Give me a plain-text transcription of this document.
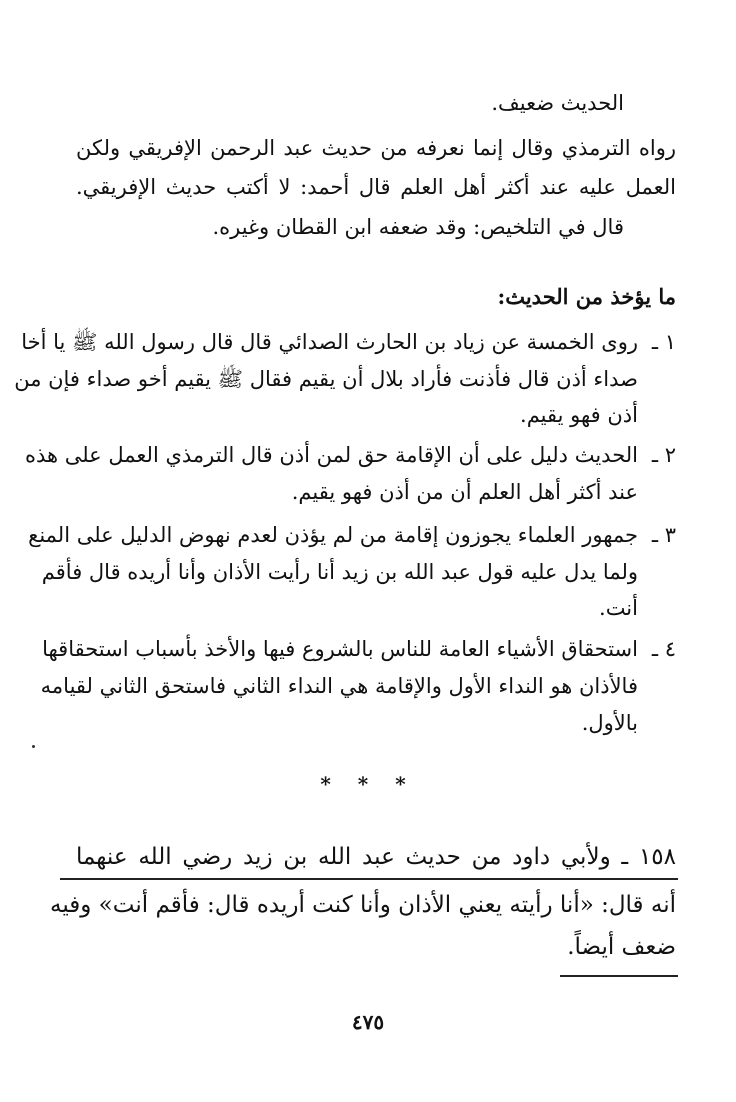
الحديث ضعيف.
رواه الترمذي وقال إنما نعرفه من حديث عبد الرحمن الإفريقي ولكن
العمل عليه عند أكثر أهل العلم قال أحمد: لا أكتب حديث الإفريقي.
قال في التلخيص: وقد ضعفه ابن القطان وغيره.
ما يؤخذ من الحديث:
١ ـ
روى الخمسة عن زياد بن الحارث الصدائي قال قال رسول الله ﷺ يا أخا
صداء أذن قال فأذنت فأراد بلال أن يقيم فقال ﷺ يقيم أخو صداء فإن من
أذن فهو يقيم.
٢ ـ
الحديث دليل على أن الإقامة حق لمن أذن قال الترمذي العمل على هذه
عند أكثر أهل العلم أن من أذن فهو يقيم.
٣ ـ
جمهور العلماء يجوزون إقامة من لم يؤذن لعدم نهوض الدليل على المنع
ولما يدل عليه قول عبد الله بن زيد أنا رأيت الأذان وأنا أريده قال فأقم
أنت.
٤ ـ
استحقاق الأشياء العامة للناس بالشروع فيها والأخذ بأسباب استحقاقها
فالأذان هو النداء الأول والإقامة هي النداء الثاني فاستحق الثاني لقيامه
بالأول.
* * *
١٥٨ ـ ولأبي داود من حديث عبد الله بن زيد رضي الله عنهما
أنه قال: «أنا رأيته يعني الأذان وأنا كنت أريده قال: فأقم أنت» وفيه
ضعف أيضاً.
٤٧٥
